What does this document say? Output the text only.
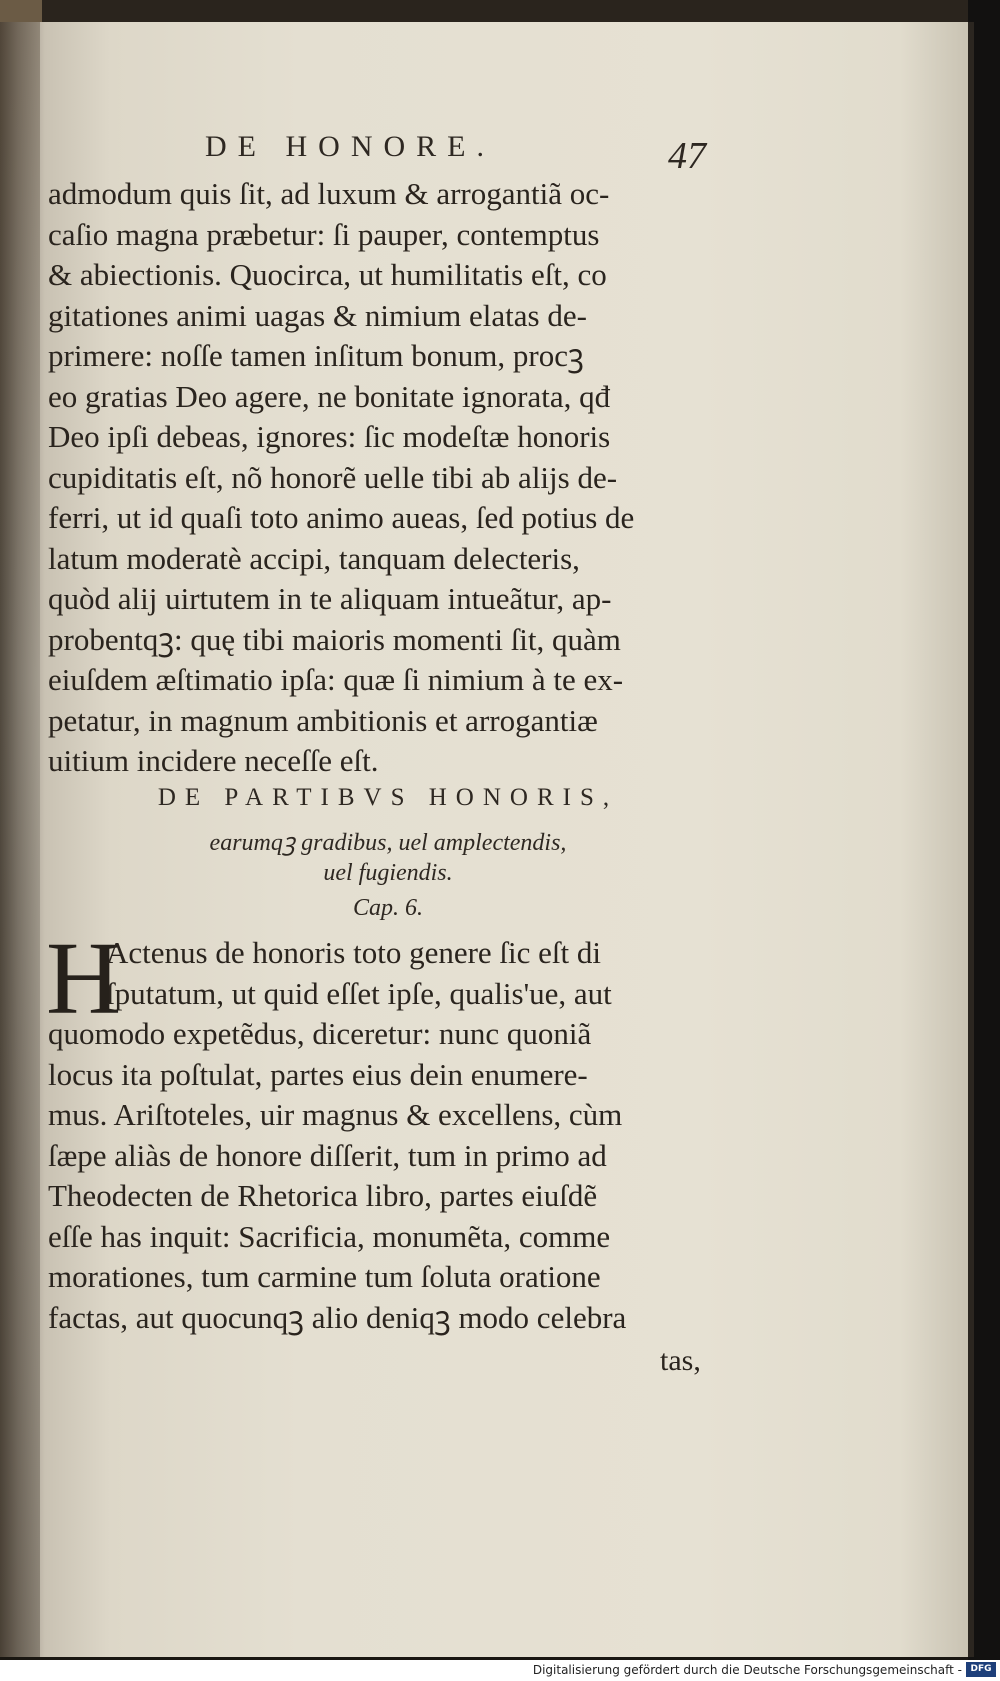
DE HONORE.	47
admodum quis ſit, ad luxum & arrogantiã oc-
caſio magna præbetur: ſi pauper, contemptus
& abiectionis. Quocirca, ut humilitatis eſt, co
gitationes animi uagas & nimium elatas de-
primere: noſſe tamen inſitum bonum, procꝫ
eo gratias Deo agere, ne bonitate ignorata, qđ
Deo ipſi debeas, ignores: ſic modeſtæ honoris
cupiditatis eſt, nõ honorẽ uelle tibi ab aliјs de-
ferri, ut id quaſi toto animo aueas, ſed potius de
latum moderatè accipi, tanquam delecteris,
quòd aliј uirtutem in te aliquam intueãtur, ap-
probentqꝫ: quę tibi maioris momenti ſit, quàm
eiuſdem æſtimatio ipſa: quæ ſi nimium à te ex-
petatur, in magnum ambitionis et arrogantiæ
uitium incidere neceſſe eſt.
DE PARTIBVS HONORIS,
earumqꝫ gradibus, uel amplectendis,
uel fugiendis.
Cap. 6.
H
Actenus de honoris toto genere ſic eſt di
ſputatum, ut quid eſſet ipſe, qualis'ue, aut
quomodo expetẽdus, diceretur: nunc quoniã
locus ita poſtulat, partes eius dein enumere-
mus. Ariſtoteles, uir magnus & excellens, cùm
ſæpe aliàs de honore diſſerit, tum in primo ad
Theodecten de Rhetorica libro, partes eiuſdẽ
eſſe has inquit: Sacrificia, monumẽta, comme
morationes, tum carmine tum ſoluta oratione
factas, aut quocunqꝫ alio deniqꝫ modo celebra
tas,
Digitalisierung gefördert durch die Deutsche Forschungsgemeinschaft - DFG
